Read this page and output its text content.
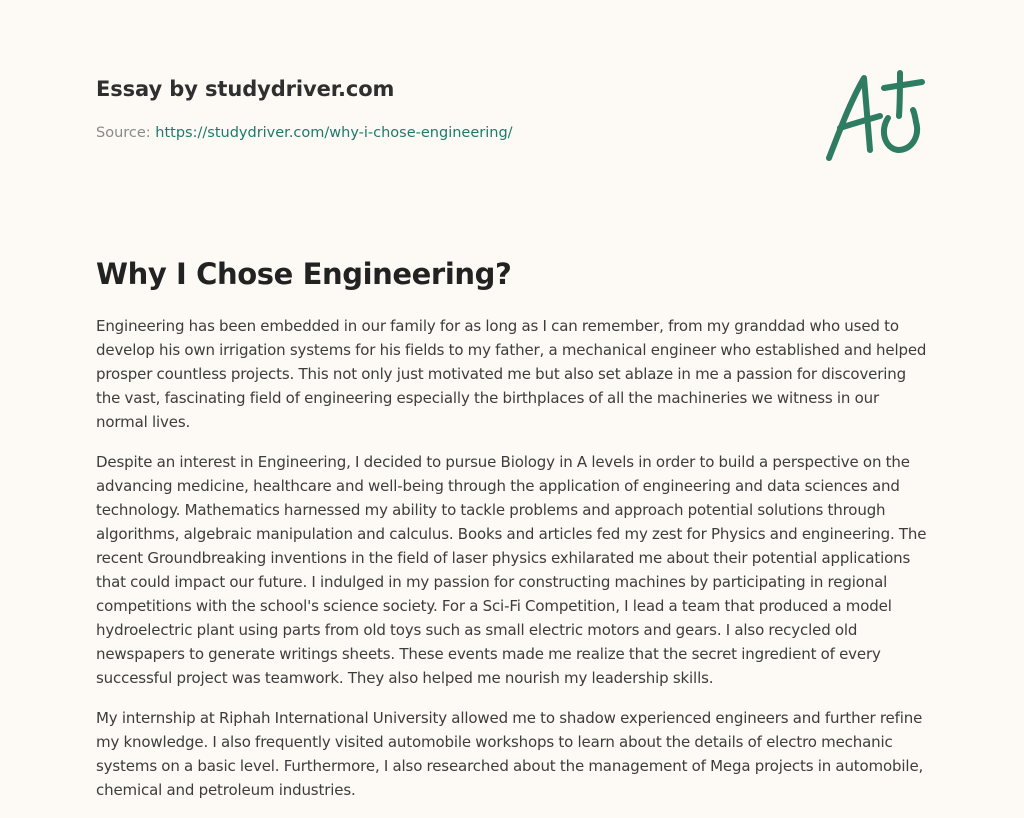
Essay by studydriver.com
Source: https://studydriver.com/why-i-chose-engineering/
Why I Chose Engineering?

Engineering has been embedded in our family for as long as I can remember, from my granddad who used to develop his own irrigation systems for his fields to my father, a mechanical engineer who established and helped prosper countless projects. This not only just motivated me but also set ablaze in me a passion for discovering the vast, fascinating field of engineering especially the birthplaces of all the machineries we witness in our normal lives.

Despite an interest in Engineering, I decided to pursue Biology in A levels in order to build a perspective on the advancing medicine, healthcare and well-being through the application of engineering and data sciences and technology. Mathematics harnessed my ability to tackle problems and approach potential solutions through algorithms, algebraic manipulation and calculus. Books and articles fed my zest for Physics and engineering. The recent Groundbreaking inventions in the field of laser physics exhilarated me about their potential applications that could impact our future. I indulged in my passion for constructing machines by participating in regional competitions with the school's science society. For a Sci-Fi Competition, I lead a team that produced a model hydroelectric plant using parts from old toys such as small electric motors and gears. I also recycled old newspapers to generate writings sheets. These events made me realize that the secret ingredient of every successful project was teamwork. They also helped me nourish my leadership skills.

My internship at Riphah International University allowed me to shadow experienced engineers and further refine my knowledge. I also frequently visited automobile workshops to learn about the details of electro mechanic systems on a basic level. Furthermore, I also researched about the management of Mega projects in automobile, chemical and petroleum industries.
